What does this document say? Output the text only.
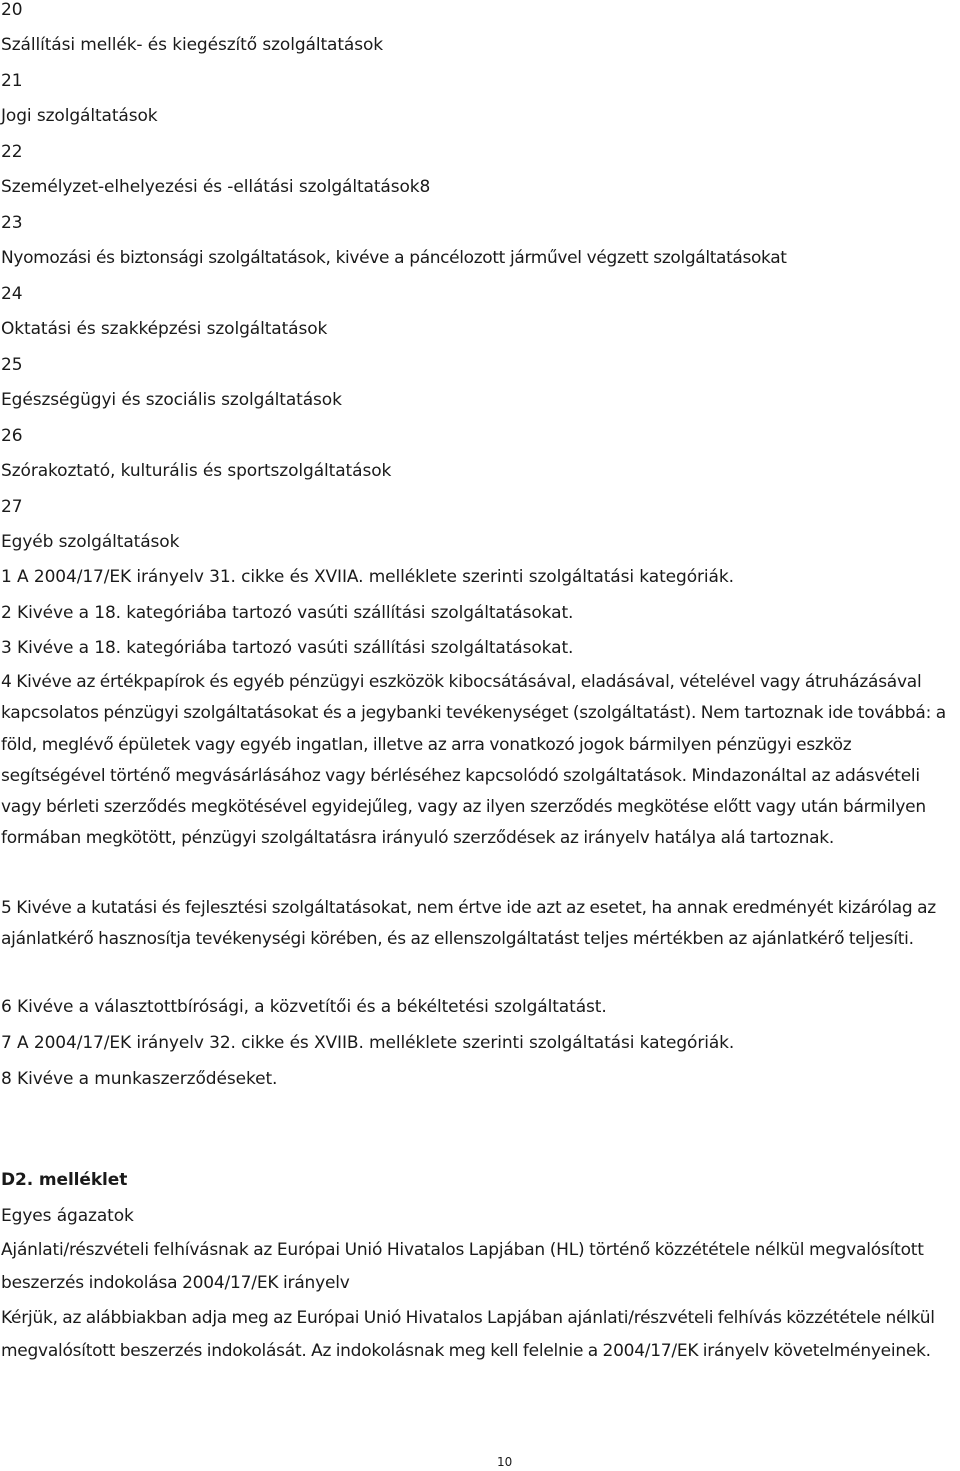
20

Szállítási mellék- és kiegészítő szolgáltatások

21

Jogi szolgáltatások

22

Személyzet-elhelyezési és -ellátási szolgáltatások8

23

Nyomozási és biztonsági szolgáltatások, kivéve a páncélozott járművel végzett szolgáltatásokat

24

Oktatási és szakképzési szolgáltatások

25

Egészségügyi és szociális szolgáltatások

26

Szórakoztató, kulturális és sportszolgáltatások

27

Egyéb szolgáltatások

1 A 2004/17/EK irányelv 31. cikke és XVIIA. melléklete szerinti szolgáltatási kategóriák.

2 Kivéve a 18. kategóriába tartozó vasúti szállítási szolgáltatásokat.

3 Kivéve a 18. kategóriába tartozó vasúti szállítási szolgáltatásokat.

4 Kivéve az értékpapírok és egyéb pénzügyi eszközök kibocsátásával, eladásával, vételével vagy átruházásával kapcsolatos pénzügyi szolgáltatásokat és a jegybanki tevékenységet (szolgáltatást). Nem tartoznak ide továbbá: a föld, meglévő épületek vagy egyéb ingatlan, illetve az arra vonatkozó jogok bármilyen pénzügyi eszköz segítségével történő megvásárlásához vagy bérléséhez kapcsolódó szolgáltatások. Mindazonáltal az adásvételi vagy bérleti szerződés megkötésével egyidejűleg, vagy az ilyen szerződés megkötése előtt vagy után bármilyen formában megkötött, pénzügyi szolgáltatásra irányuló szerződések az irányelv hatálya alá tartoznak.

5 Kivéve a kutatási és fejlesztési szolgáltatásokat, nem értve ide azt az esetet, ha annak eredményét kizárólag az ajánlatkérő hasznosítja tevékenységi körében, és az ellenszolgáltatást teljes mértékben az ajánlatkérő teljesíti.

6 Kivéve a választottbírósági, a közvetítői és a békéltetési szolgáltatást.

7 A 2004/17/EK irányelv 32. cikke és XVIIB. melléklete szerinti szolgáltatási kategóriák.

8 Kivéve a munkaszerződéseket.

D2. melléklet

Egyes ágazatok

Ajánlati/részvételi felhívásnak az Európai Unió Hivatalos Lapjában (HL) történő közzététele nélkül megvalósított beszerzés indokolása 2004/17/EK irányelv

Kérjük, az alábbiakban adja meg az Európai Unió Hivatalos Lapjában ajánlati/részvételi felhívás közzététele nélkül megvalósított beszerzés indokolását. Az indokolásnak meg kell felelnie a 2004/17/EK irányelv követelményeinek.

10
